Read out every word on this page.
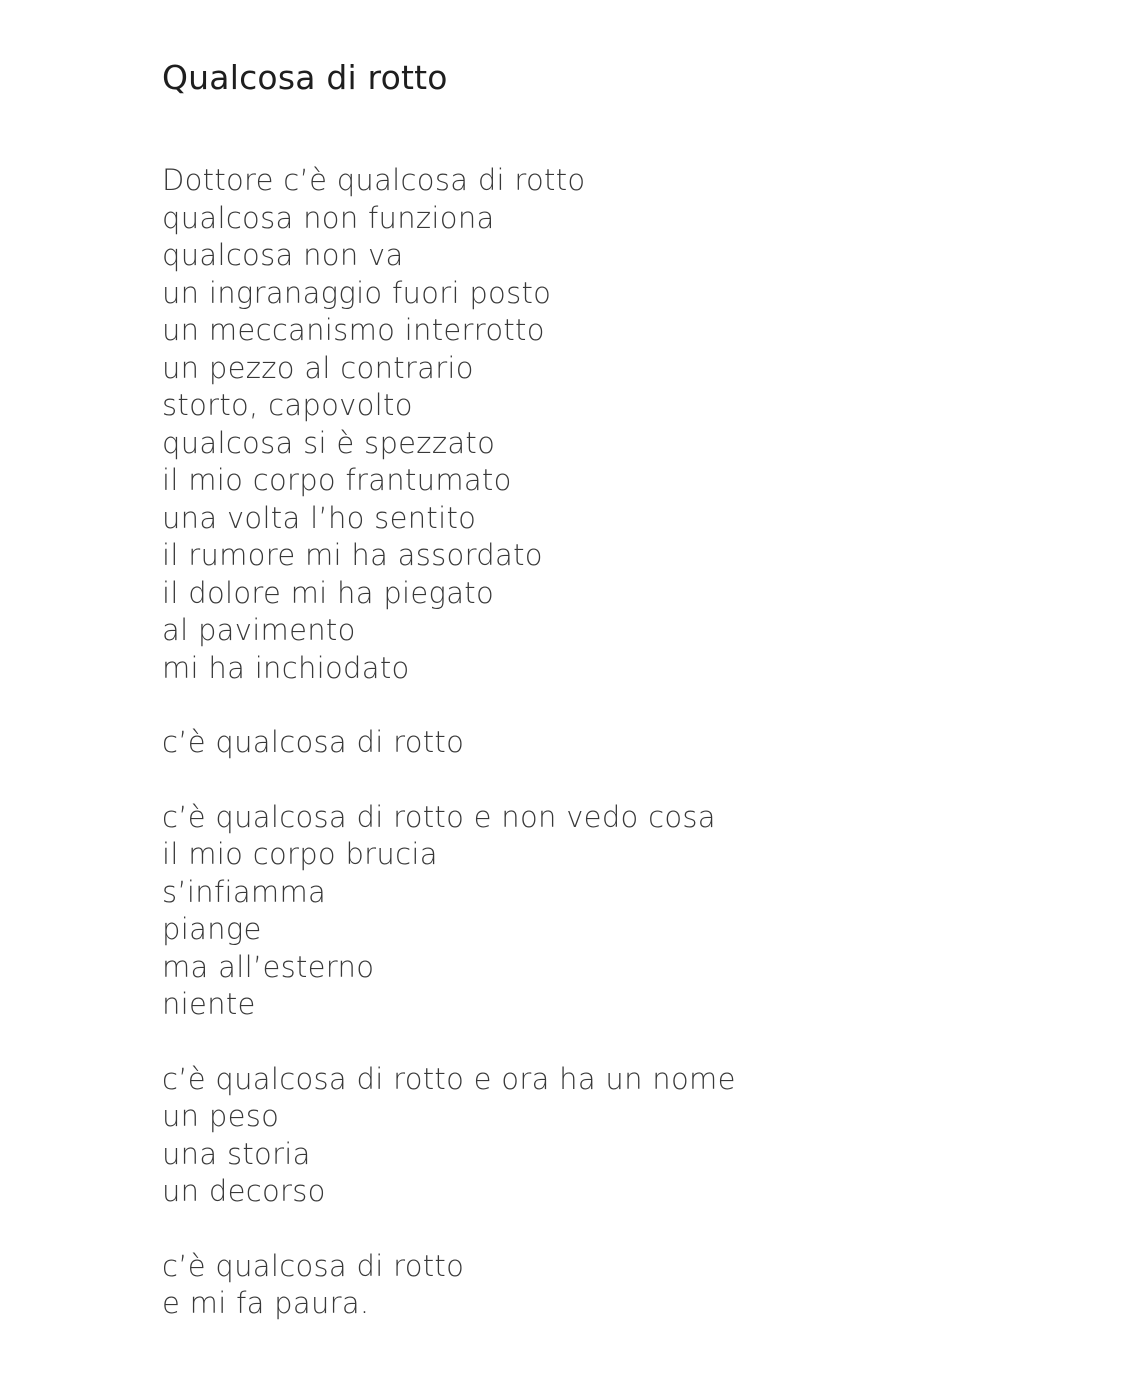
Qualcosa di rotto
Dottore c’è qualcosa di rotto
qualcosa non funziona
qualcosa non va
un ingranaggio fuori posto
un meccanismo interrotto
un pezzo al contrario
storto, capovolto
qualcosa si è spezzato
il mio corpo frantumato
una volta l’ho sentito
il rumore mi ha assordato
il dolore mi ha piegato
al pavimento
mi ha inchiodato
c’è qualcosa di rotto
c’è qualcosa di rotto e non vedo cosa
il mio corpo brucia
s’infiamma
piange
ma all’esterno
niente
c’è qualcosa di rotto e ora ha un nome
un peso
una storia
un decorso
c’è qualcosa di rotto
e mi fa paura.
